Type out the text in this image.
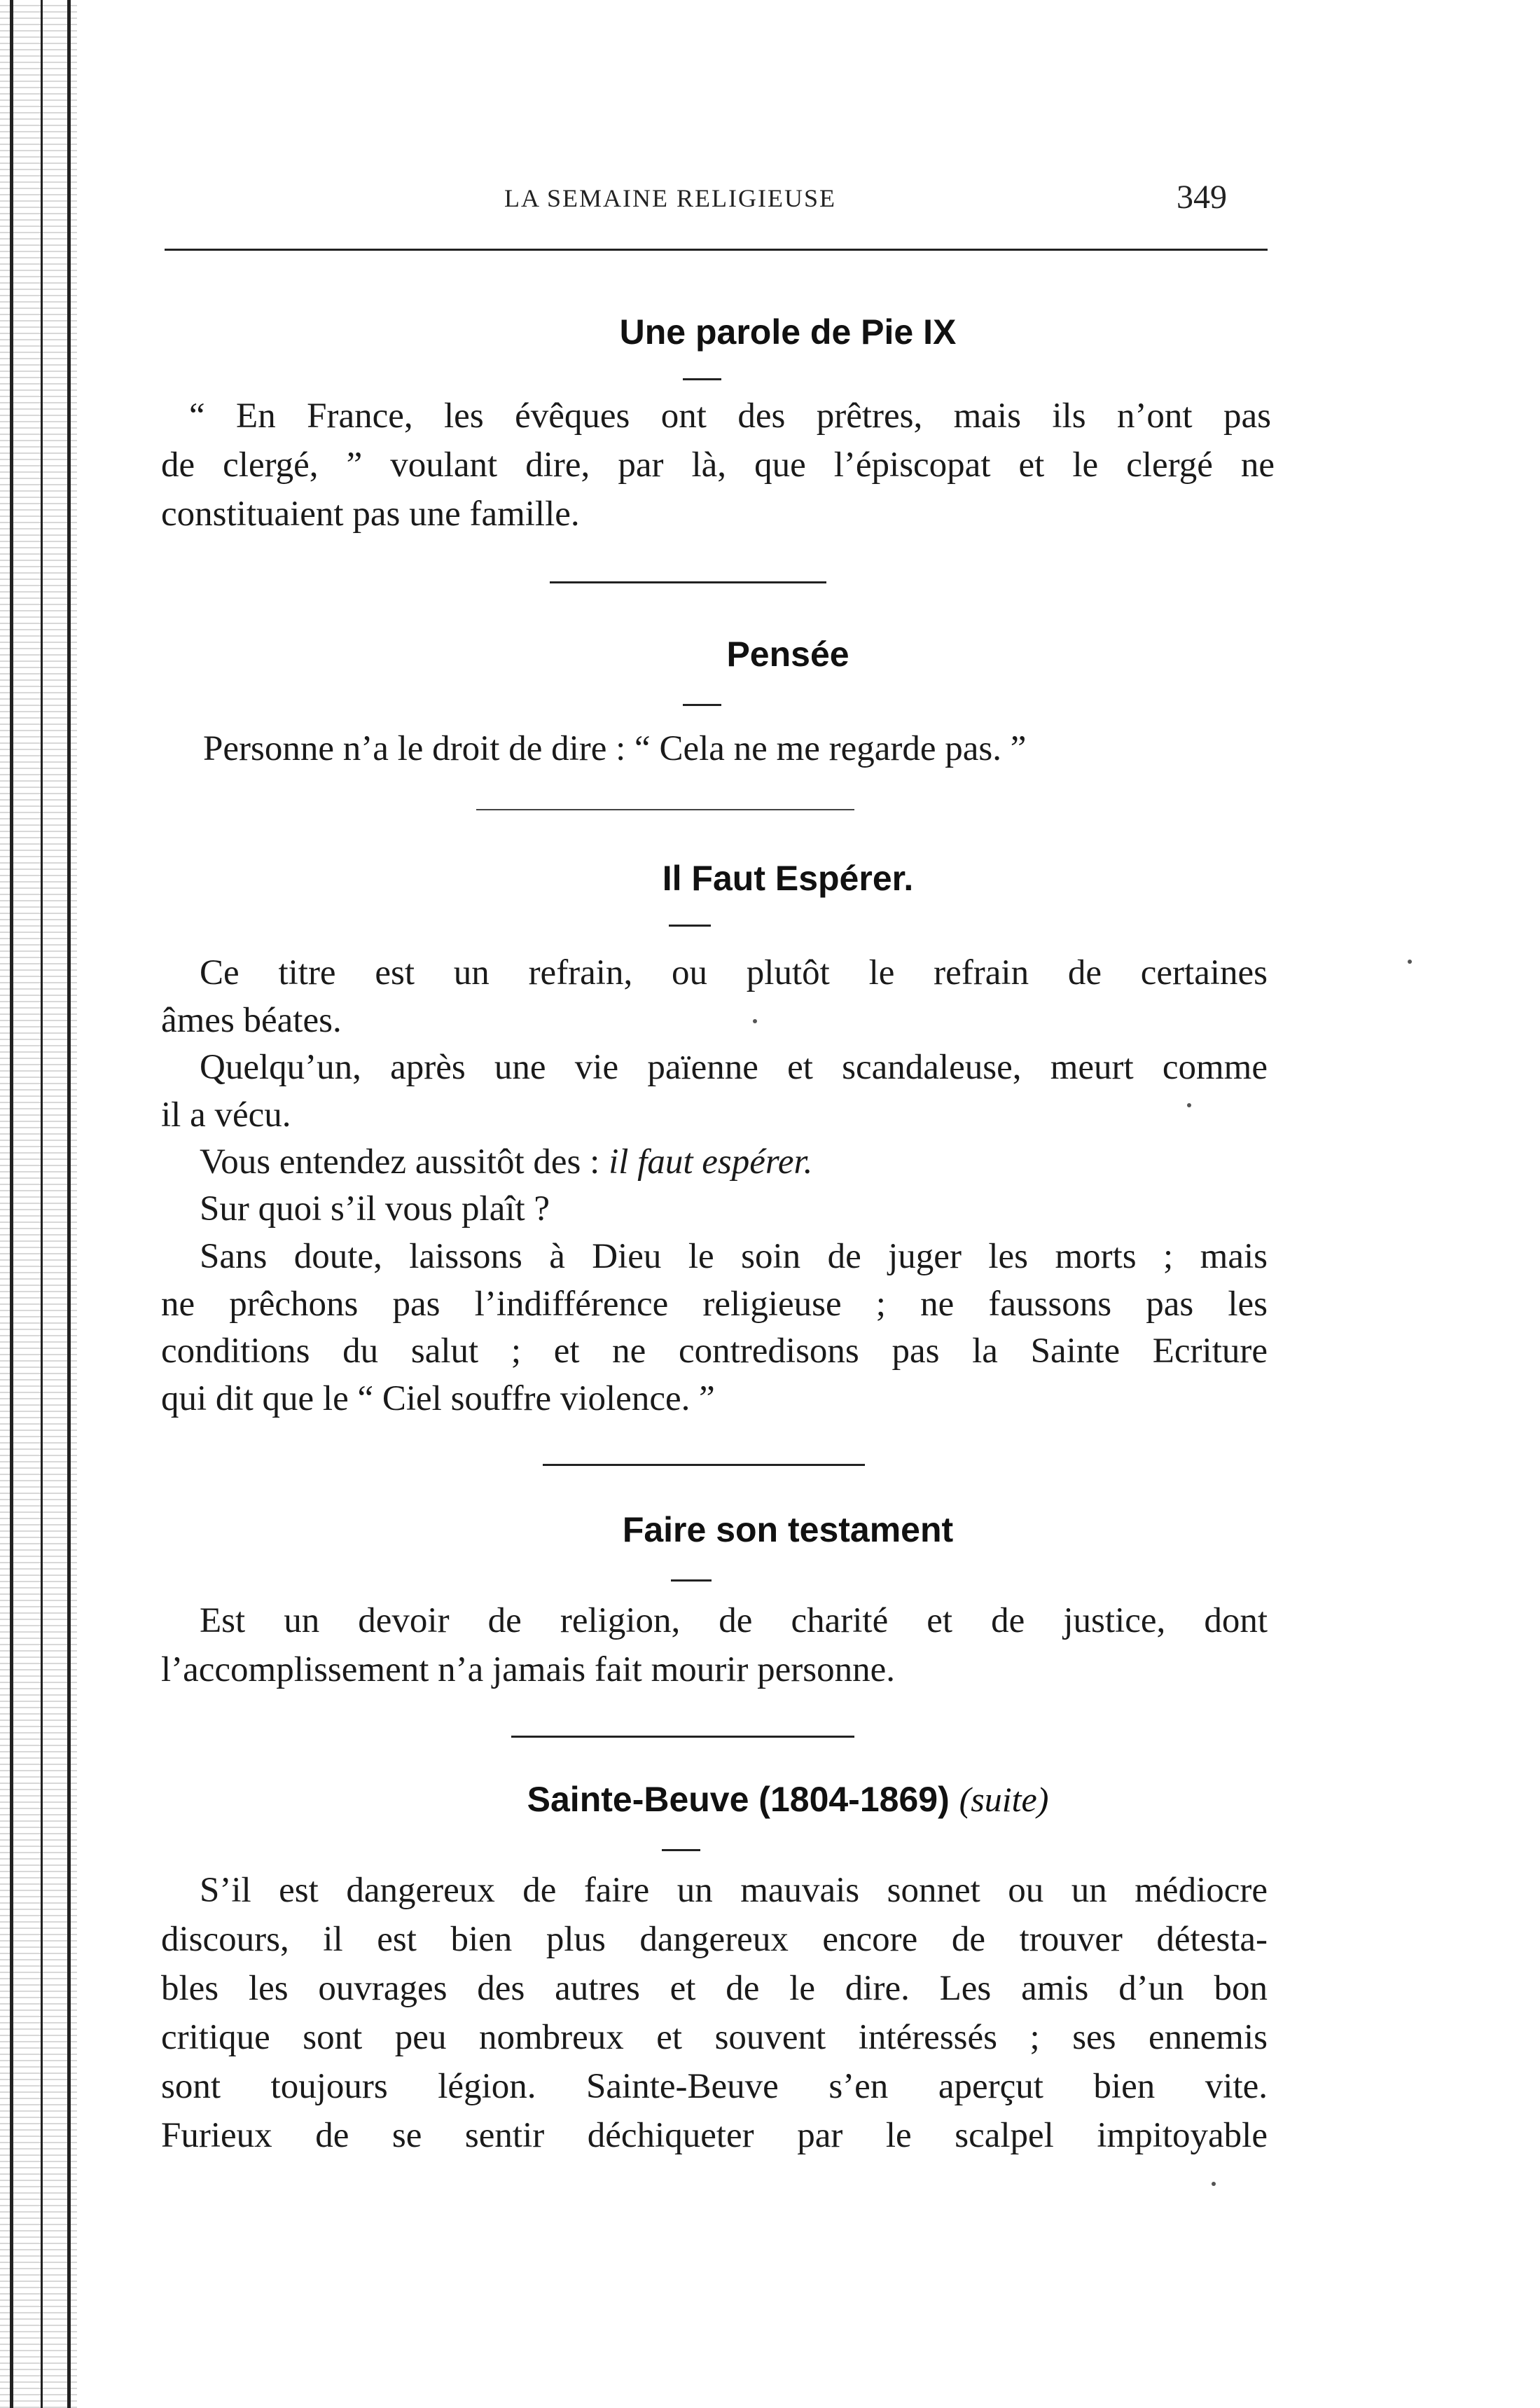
LA SEMAINE RELIGIEUSE	349
Une parole de Pie IX
“ En France, les évêques ont des prêtres, mais ils n’ont pas
de clergé, ” voulant dire, par là, que l’épiscopat et le clergé ne
constituaient pas une famille.
Pensée
Personne n’a le droit de dire : “ Cela ne me regarde pas. ”
Il Faut Espérer.
Ce titre est un refrain, ou plutôt le refrain de certaines
âmes béates.
Quelqu’un, après une vie païenne et scandaleuse, meurt comme
il a vécu.
Vous entendez aussitôt des : il faut espérer.
Sur quoi s’il vous plaît ?
Sans doute, laissons à Dieu le soin de juger les morts ; mais
ne prêchons pas l’indifférence religieuse ; ne faussons pas les
conditions du salut ; et ne contredisons pas la Sainte Ecriture
qui dit que le “ Ciel souffre violence. ”
Faire son testament
Est un devoir de religion, de charité et de justice, dont
l’accomplissement n’a jamais fait mourir personne.
Sainte-Beuve (1804-1869) (suite)
S’il est dangereux de faire un mauvais sonnet ou un médiocre
discours, il est bien plus dangereux encore de trouver détesta-
bles les ouvrages des autres et de le dire. Les amis d’un bon
critique sont peu nombreux et souvent intéressés ; ses ennemis
sont toujours légion. Sainte-Beuve s’en aperçut bien vite.
Furieux de se sentir déchiqueter par le scalpel impitoyable
